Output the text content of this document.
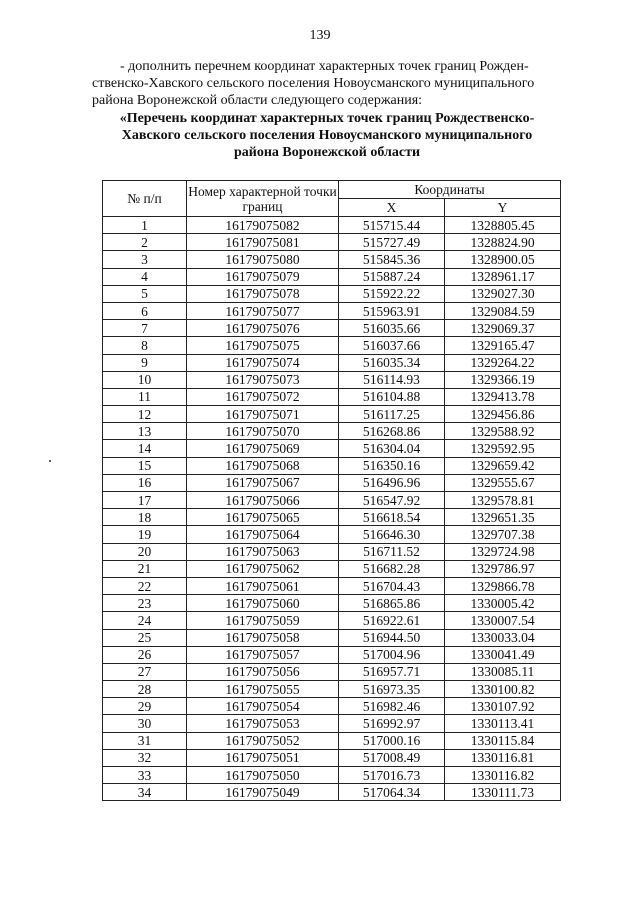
139

- дополнить перечнем координат характерных точек границ Рожден-

ственско-Хавского сельского поселения Новоусманского муниципального

района Воронежской области следующего содержания:

«Перечень координат характерных точек границ Рождественско-
Хавского сельского поселения Новоусманского муниципального
района Воронежской области
№ п/п	Номер характерной точки границ	Координаты	
		X	Y
1	16179075082	515715.44	1328805.45
2	16179075081	515727.49	1328824.90
3	16179075080	515845.36	1328900.05
4	16179075079	515887.24	1328961.17
5	16179075078	515922.22	1329027.30
6	16179075077	515963.91	1329084.59
7	16179075076	516035.66	1329069.37
8	16179075075	516037.66	1329165.47
9	16179075074	516035.34	1329264.22
10	16179075073	516114.93	1329366.19
11	16179075072	516104.88	1329413.78
12	16179075071	516117.25	1329456.86
13	16179075070	516268.86	1329588.92
14	16179075069	516304.04	1329592.95
15	16179075068	516350.16	1329659.42
16	16179075067	516496.96	1329555.67
17	16179075066	516547.92	1329578.81
18	16179075065	516618.54	1329651.35
19	16179075064	516646.30	1329707.38
20	16179075063	516711.52	1329724.98
21	16179075062	516682.28	1329786.97
22	16179075061	516704.43	1329866.78
23	16179075060	516865.86	1330005.42
24	16179075059	516922.61	1330007.54
25	16179075058	516944.50	1330033.04
26	16179075057	517004.96	1330041.49
27	16179075056	516957.71	1330085.11
28	16179075055	516973.35	1330100.82
29	16179075054	516982.46	1330107.92
30	16179075053	516992.97	1330113.41
31	16179075052	517000.16	1330115.84
32	16179075051	517008.49	1330116.81
33	16179075050	517016.73	1330116.82
34	16179075049	517064.34	1330111.73
